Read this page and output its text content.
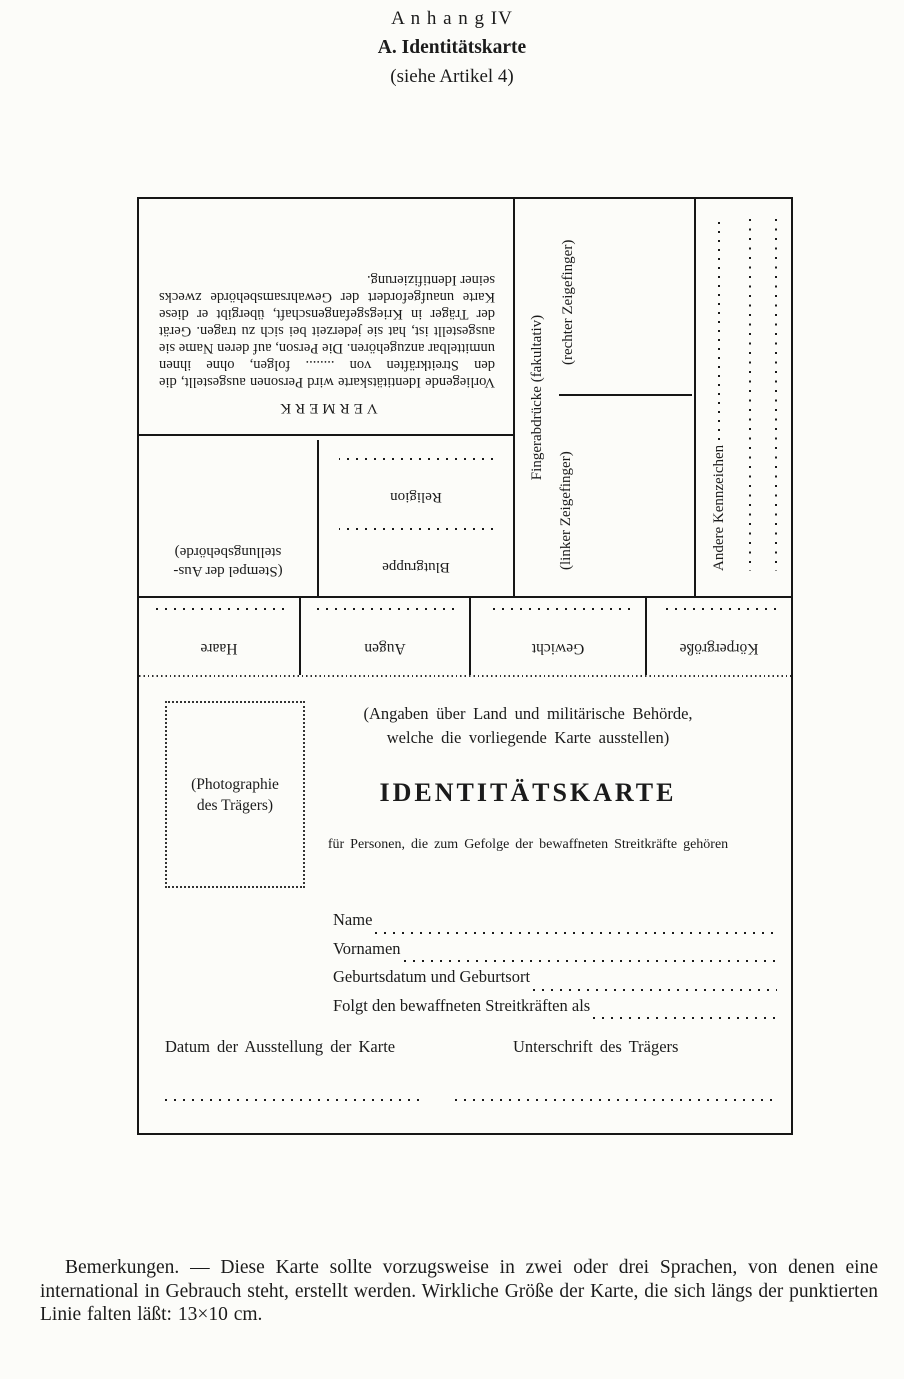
A n h a n g IV
A. Identitätskarte
(siehe Artikel 4)
VERMERK

Vorliegende Identitätskarte wird Personen ausgestellt, die den Streitkräften von ........ folgen, ohne ihnen unmittelbar anzugehören. Die Person, auf deren Name sie ausgestellt ist, hat sie jederzeit bei sich zu tragen. Gerät der Träger in Kriegsgefangenschaft, übergibt er diese Karte unaufgefordert der Gewahrsamsbehörde zwecks seiner Identifizierung.

Fingerabdrücke (fakultativ)
(rechter Zeigefinger)
(linker Zeigefinger)	Andere Kennzeichen
(Stempel der Aus-
stellungsbehörde)
Blutgruppe
Religion
Haare	Augen	Gewicht	Körpergröße
(Photographie
des Trägers)
(Angaben über Land und militärische Behörde,
welche die vorliegende Karte ausstellen)
IDENTITÄTSKARTE
für Personen, die zum Gefolge der bewaffneten Streitkräfte gehören
Name
Vornamen
Geburtsdatum und Geburtsort
Folgt den bewaffneten Streitkräften als
Datum der Ausstellung der Karte	Unterschrift des Trägers

Bemerkungen. — Diese Karte sollte vorzugsweise in zwei oder drei Sprachen, von denen eine international in Gebrauch steht, erstellt werden. Wirkliche Größe der Karte, die sich längs der punktierten Linie falten läßt: 13×10 cm.
